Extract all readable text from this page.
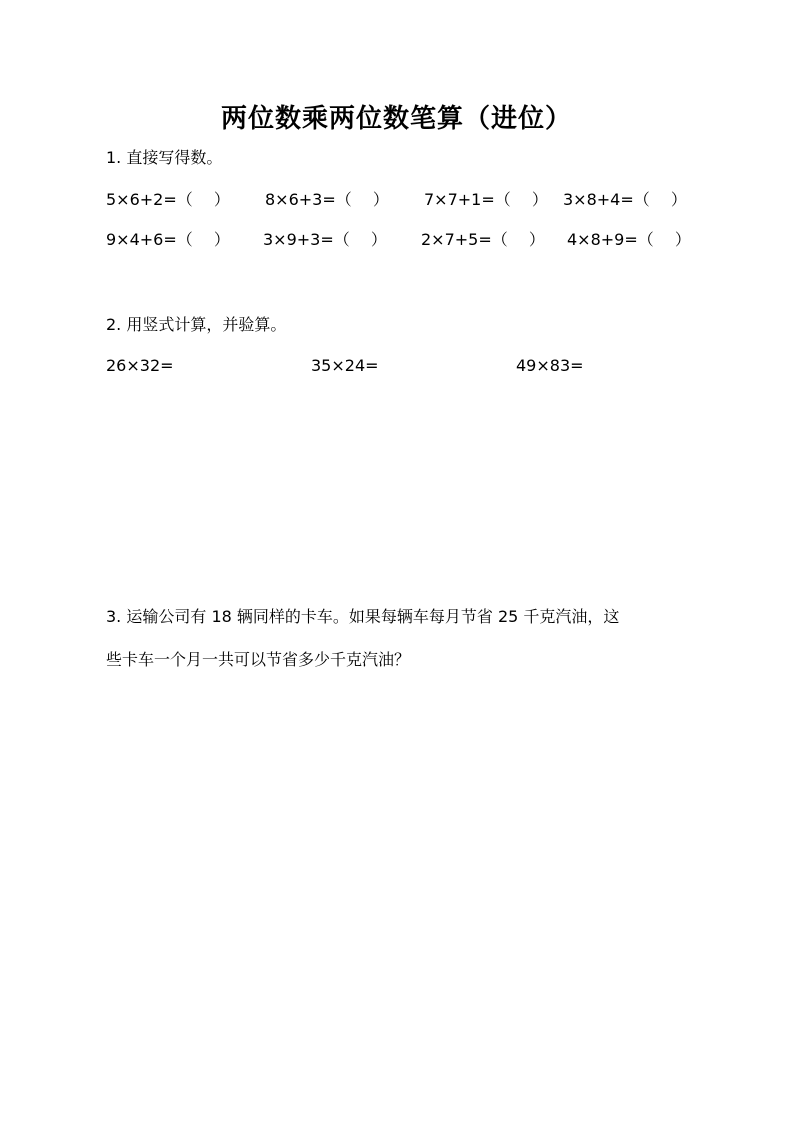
两位数乘两位数笔算（进位）
1. 直接写得数。
5×6+2=（　 ） 8×6+3=（　 ） 7×7+1=（　 ） 3×8+4=（　 ）
9×4+6=（　 ） 3×9+3=（　 ） 2×7+5=（　 ） 4×8+9=（　 ）
2. 用竖式计算，并验算。
26×32=	35×24=	49×83=
3. 运输公司有 18 辆同样的卡车。如果每辆车每月节省 25 千克汽油，这
些卡车一个月一共可以节省多少千克汽油？
